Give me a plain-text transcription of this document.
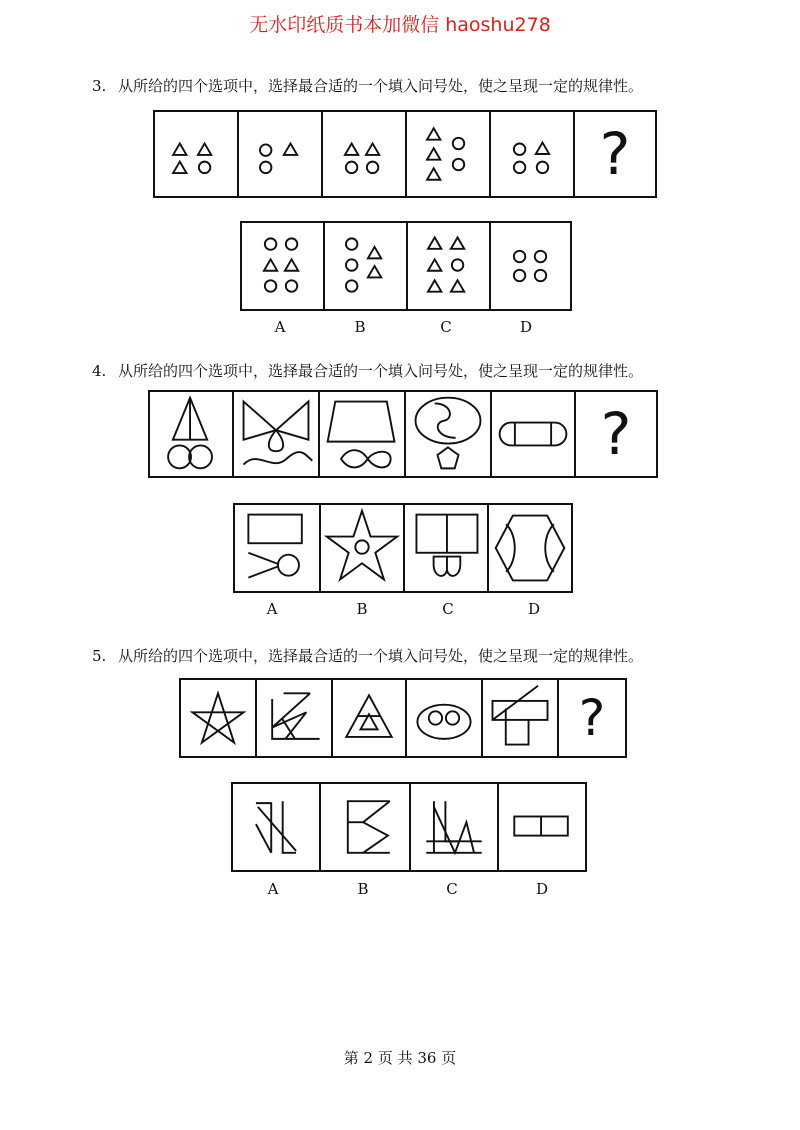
无水印纸质书本加微信 haoshu278
3. 从所给的四个选项中，选择最合适的一个填入问号处，使之呈现一定的规律性。
?
A	B	C	D
4. 从所给的四个选项中，选择最合适的一个填入问号处，使之呈现一定的规律性。
?
A	B	C	D
5. 从所给的四个选项中，选择最合适的一个填入问号处，使之呈现一定的规律性。
?
A	B	C	D
第 2 页 共 36 页
